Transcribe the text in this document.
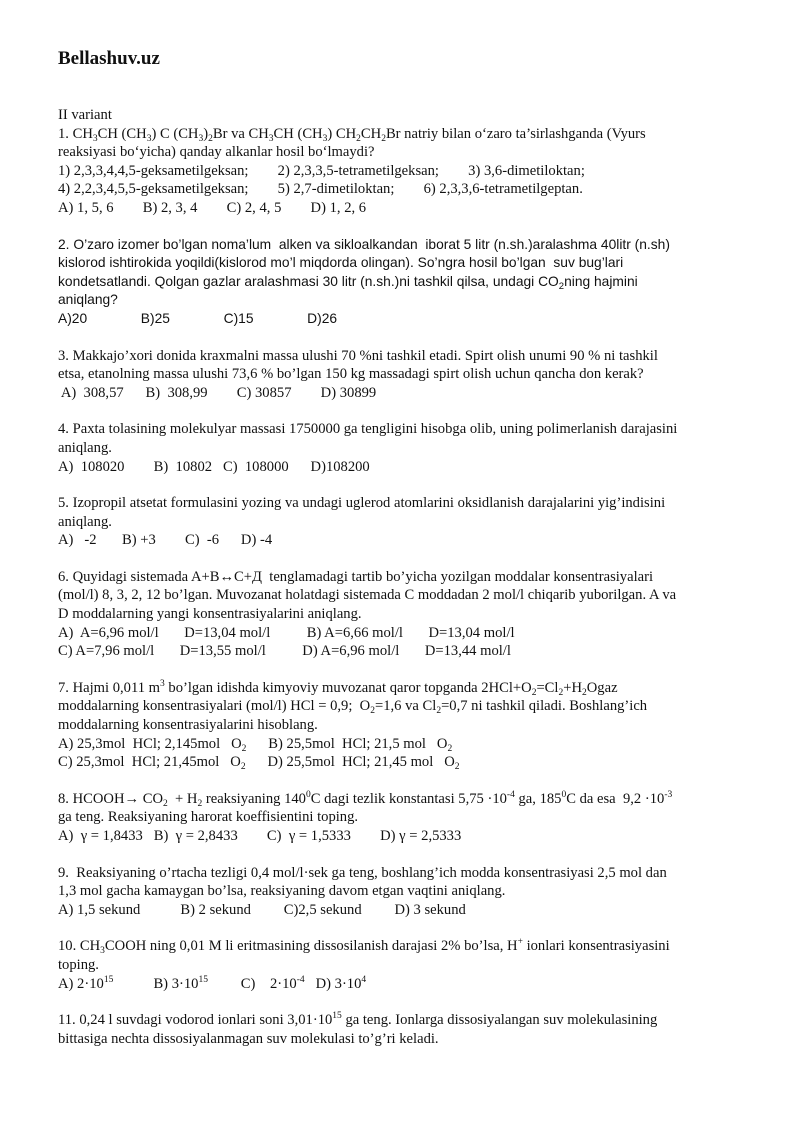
Bellashuv.uz
II variant
1. $CH_3CH$ $(CH_3)$ C $(CH_3)_2Br$ va $CH_3CH$ $(CH_3)$ $CH_2CH_2Br$ natriy bilan o‘zaro ta’sirlashganda (Vyurs
reaksiyasi bo‘yicha) qanday alkanlar hosil bo‘lmaydi?
1) 2,3,3,4,4,5-geksametilgeksan;        2) 2,3,3,5-tetrametilgeksan;        3) 3,6-dimetiloktan;
4) 2,2,3,4,5,5-geksametilgeksan;        5) 2,7-dimetiloktan;        6) 2,3,3,6-tetrametilgeptan.
A) 1, 5, 6        B) 2, 3, 4        C) 2, 4, 5        D) 1, 2, 6
2. O’zaro izomer bo’lgan noma’lum  alken va sikloalkandan  iborat 5 litr (n.sh.)aralashma 40litr (n.sh)
kislorod ishtirokida yoqildi(kislorod mo’l miqdorda olingan). So’ngra hosil bo’lgan  suv bug’lari
kondetsatlandi. Qolgan gazlar aralashmasi 30 litr (n.sh.)ni tashkil qilsa, undagi $CO_2ning$ hajmini
aniqlang?
A)20              B)25              C)15              D)26
3. Makkajo’xori donida kraxmalni massa ulushi 70 %ni tashkil etadi. Spirt olish unumi 90 % ni tashkil
etsa, etanolning massa ulushi 73,6 % bo’lgan 150 kg massadagi spirt olish uchun qancha don kerak?
A)  308,57      B)  308,99        C) 30857        D) 30899
4. Paxta tolasining molekulyar massasi 1750000 ga tengligini hisobga olib, uning polimerlanish darajasini
aniqlang.
A)  108020        B)  10802   C)  108000      D)108200
5. Izopropil atsetat formulasini yozing va undagi uglerod atomlarini oksidlanish darajalarini yig’indisini
aniqlang.
A)   -2       B) +3        C)  -6      D) -4
6. Quyidagi sistemada A+B↔C+Д  tenglamadagi tartib bo’yicha yozilgan moddalar konsentrasiyalari
(mol/l) 8, 3, 2, 12 bo’lgan. Muvozanat holatdagi sistemada C moddadan 2 mol/l chiqarib yuborilgan. A va
D moddalarning yangi konsentrasiyalarini aniqlang.
A)  A=6,96 mol/l       D=13,04 mol/l          B) A=6,66 mol/l       D=13,04 mol/l
C) A=7,96 mol/l       D=13,55 mol/l          D) A=6,96 mol/l       D=13,44 mol/l
7. Hajmi 0,011 $m^3$ bo’lgan idishda kimyoviy muvozanat qaror topganda $2HCl+O_2=Cl_2+H_2Ogaz$
moddalarning konsentrasiyalari (mol/l) HCl = 0,9;  $O_2=1,6$ va $Cl_2=0,7$ ni tashkil qiladi. Boshlang’ich
moddalarning konsentrasiyalarini hisoblang.
A) 25,3mol  HCl; 2,145mol   $O_2$      B) 25,5mol  HCl; 21,5 mol   $O_2$
C) 25,3mol  HCl; 21,45mol   $O_2$      D) 25,5mol  HCl; 21,45 mol   $O_2$
8. HCOOH→ $CO_2 + H_2$ reaksiyaning $140^0C$ dagi tezlik konstantasi $5,75 \cdot 10^{-4}$ ga, $185^0C$ da esa  $9,2 \cdot 10^{-3}$
ga teng. Reaksiyaning harorat koeffisientini toping.
A)  γ = 1,8433   B)  γ = 2,8433        C)  γ = 1,5333        D) γ = 2,5333
9.  Reaksiyaning o’rtacha tezligi 0,4 mol/l·sek ga teng, boshlang’ich modda konsentrasiyasi 2,5 mol dan
1,3 mol gacha kamaygan bo’lsa, reaksiyaning davom etgan vaqtini aniqlang.
A) 1,5 sekund           B) 2 sekund         C)2,5 sekund         D) 3 sekund
10. $CH_3COOH$ ning 0,01 M li eritmasining dissosilanish darajasi 2% bo’lsa, H+ ionlari konsentrasiyasini
toping.
A) $2\cdot 10^{15}$           B) $3\cdot 10^{15}$         C)    $2\cdot 10^{-4}$   D) $3\cdot 10^4$
11. 0,24 l suvdagi vodorod ionlari soni $3,01\cdot 10^{15}$ ga teng. Ionlarga dissosiyalangan suv molekulasining
bittasiga nechta dissosiyalanmagan suv molekulasi to’g’ri keladi.
